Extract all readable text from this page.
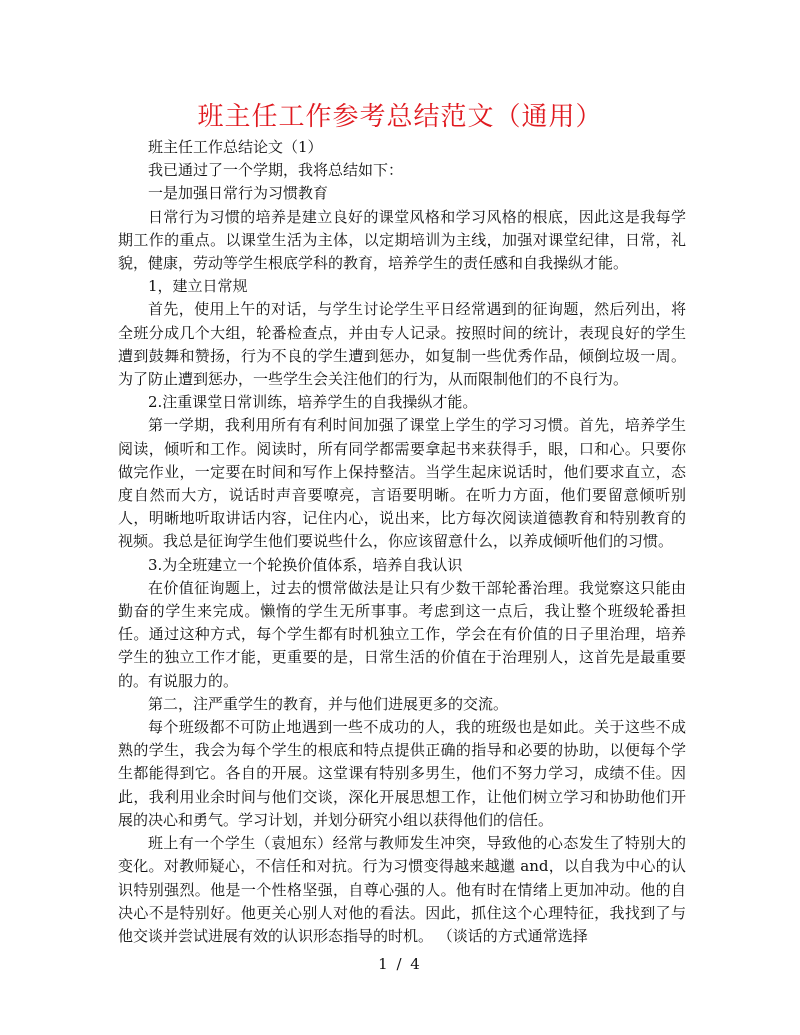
班主任工作参考总结范文（通用）

班主任工作总结论文（1）

我已通过了一个学期，我将总结如下：

一是加强日常行为习惯教育

日常行为习惯的培养是建立良好的课堂风格和学习风格的根底，因此这是我每学期工作的重点。以课堂生活为主体，以定期培训为主线，加强对课堂纪律，日常，礼貌，健康，劳动等学生根底学科的教育，培养学生的责任感和自我操纵才能。

1，建立日常规

首先，使用上午的对话，与学生讨论学生平日经常遇到的征询题，然后列出，将全班分成几个大组，轮番检查点，并由专人记录。按照时间的统计，表现良好的学生遭到鼓舞和赞扬，行为不良的学生遭到惩办，如复制一些优秀作品，倾倒垃圾一周。为了防止遭到惩办，一些学生会关注他们的行为，从而限制他们的不良行为。

2.注重课堂日常训练，培养学生的自我操纵才能。

第一学期，我利用所有有利时间加强了课堂上学生的学习习惯。首先，培养学生阅读，倾听和工作。阅读时，所有同学都需要拿起书来获得手，眼，口和心。只要你做完作业，一定要在时间和写作上保持整洁。当学生起床说话时，他们要求直立，态度自然而大方，说话时声音要嘹亮，言语要明晰。在听力方面，他们要留意倾听别人，明晰地听取讲话内容，记住内心，说出来，比方每次阅读道德教育和特别教育的视频。我总是征询学生他们要说些什么，你应该留意什么，以养成倾听他们的习惯。

3.为全班建立一个轮换价值体系，培养自我认识

在价值征询题上，过去的惯常做法是让只有少数干部轮番治理。我觉察这只能由勤奋的学生来完成。懒惰的学生无所事事。考虑到这一点后，我让整个班级轮番担任。通过这种方式，每个学生都有时机独立工作，学会在有价值的日子里治理，培养学生的独立工作才能，更重要的是，日常生活的价值在于治理别人，这首先是最重要的。有说服力的。

第二，注严重学生的教育，并与他们进展更多的交流。

每个班级都不可防止地遇到一些不成功的人，我的班级也是如此。关于这些不成熟的学生，我会为每个学生的根底和特点提供正确的指导和必要的协助，以便每个学生都能得到它。各自的开展。这堂课有特别多男生，他们不努力学习，成绩不佳。因此，我利用业余时间与他们交谈，深化开展思想工作，让他们树立学习和协助他们开展的决心和勇气。学习计划，并划分研究小组以获得他们的信任。

班上有一个学生（袁旭东）经常与教师发生冲突，导致他的心态发生了特别大的变化。对教师疑心，不信任和对抗。行为习惯变得越来越邋 and，以自我为中心的认识特别强烈。他是一个性格坚强，自尊心强的人。他有时在情绪上更加冲动。他的自决心不是特别好。他更关心别人对他的看法。因此，抓住这个心理特征，我找到了与他交谈并尝试进展有效的认识形态指导的时机。 （谈话的方式通常选择

1 / 4
